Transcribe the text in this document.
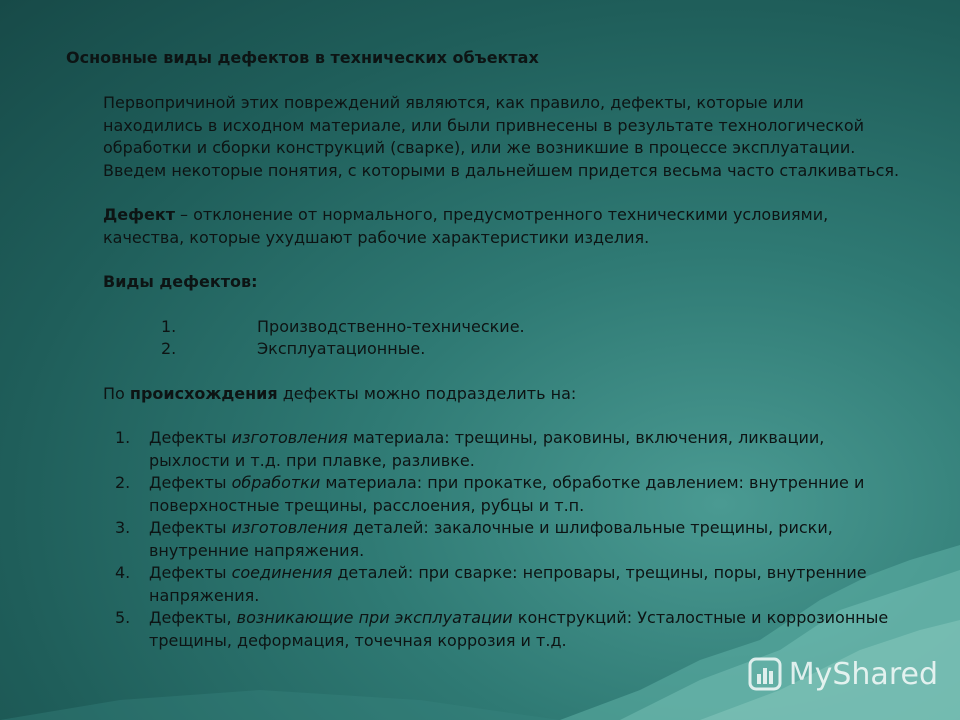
Основные виды дефектов в технических объектах

Первопричиной этих повреждений являются, как правило, дефекты, которые или находились в исходном материале, или были привнесены в результате технологической обработки и сборки конструкций (сварке), или же возникшие в процессе эксплуатации. Введем некоторые понятия, с которыми в дальнейшем придется весьма часто сталкиваться.

Дефект – отклонение от нормального, предусмотренного техническими условиями, качества, которые ухудшают рабочие характеристики изделия.

Виды дефектов:

1.	Производственно-технические.
2.	Эксплуатационные.

По происхождения дефекты можно подразделить на:

1. Дефекты изготовления материала: трещины, раковины, включения, ликвации, рыхлости и т.д. при плавке, разливке.
2. Дефекты обработки материала: при прокатке, обработке давлением: внутренние и поверхностные трещины, расслоения, рубцы и т.п.
3. Дефекты изготовления деталей: закалочные и шлифовальные трещины, риски, внутренние напряжения.
4. Дефекты соединения деталей: при сварке: непровары, трещины, поры, внутренние напряжения.
5. Дефекты, возникающие при эксплуатации конструкций: Усталостные и коррозионные трещины, деформация, точечная коррозия и т.д.
MyShared
